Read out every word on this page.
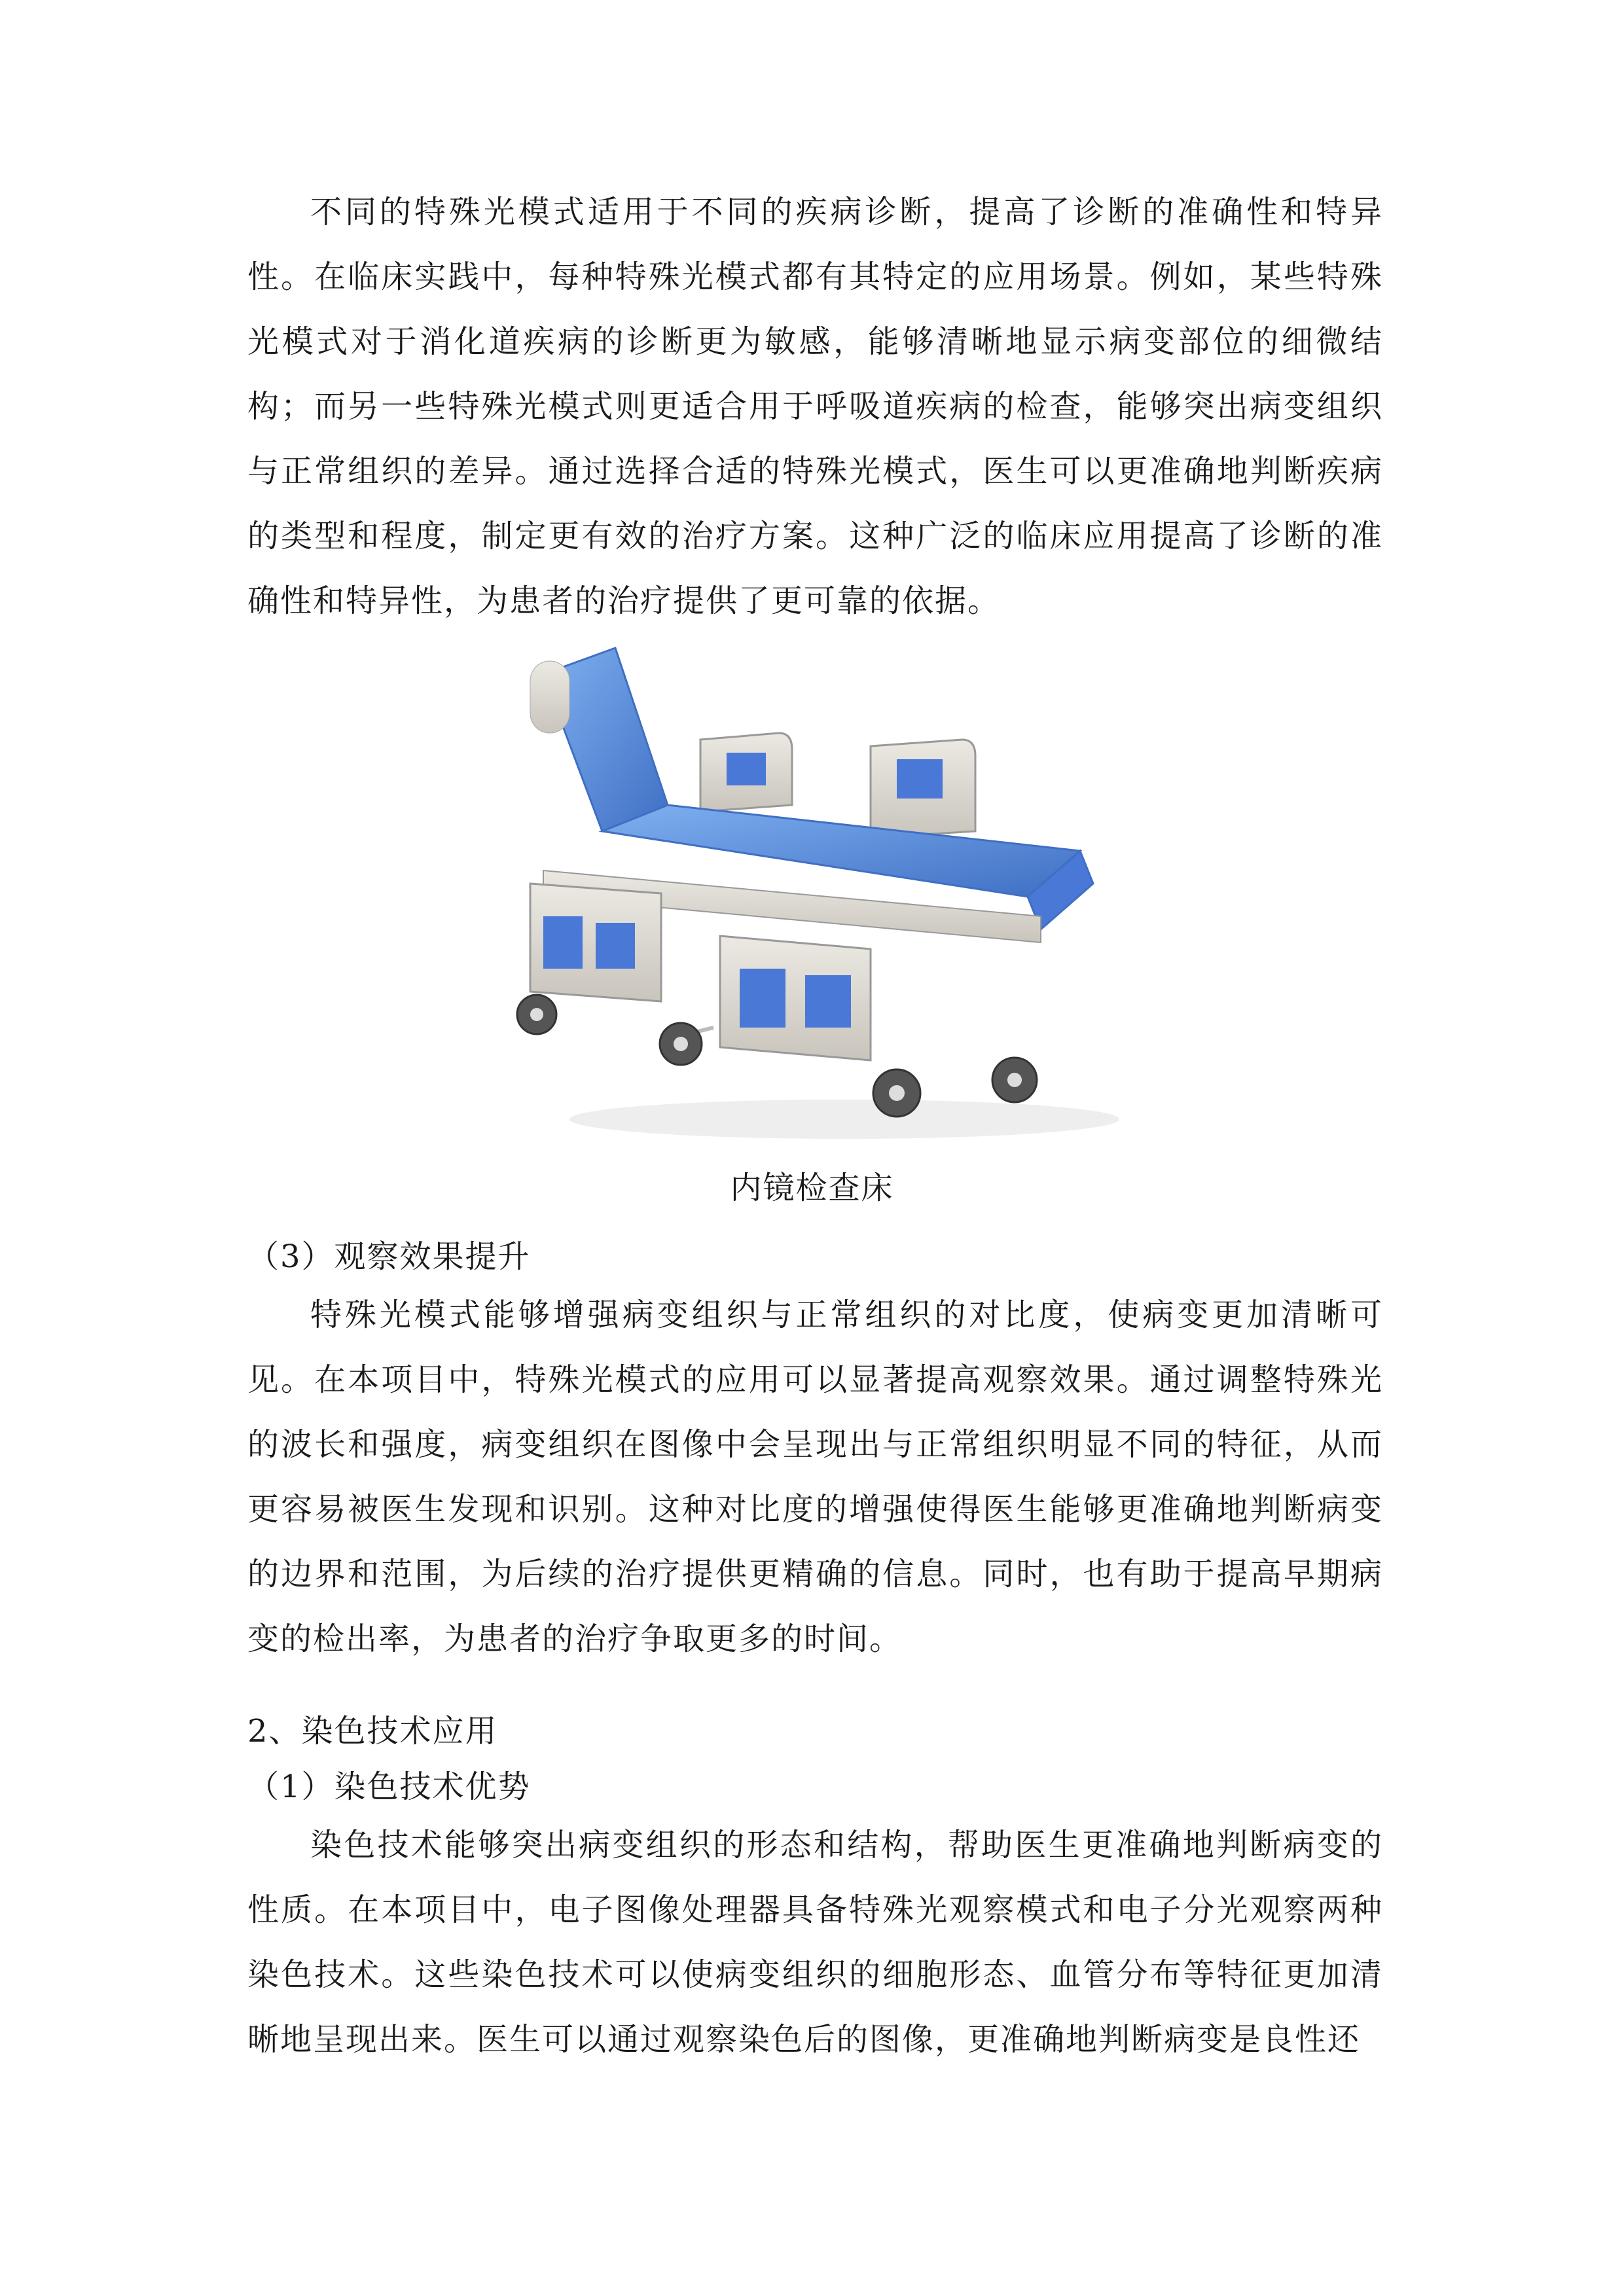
不同的特殊光模式适用于不同的疾病诊断，提高了诊断的准确性和特异性。在临床实践中，每种特殊光模式都有其特定的应用场景。例如，某些特殊光模式对于消化道疾病的诊断更为敏感，能够清晰地显示病变部位的细微结构；而另一些特殊光模式则更适合用于呼吸道疾病的检查，能够突出病变组织与正常组织的差异。通过选择合适的特殊光模式，医生可以更准确地判断疾病的类型和程度，制定更有效的治疗方案。这种广泛的临床应用提高了诊断的准确性和特异性，为患者的治疗提供了更可靠的依据。

内镜检查床
（3）观察效果提升

特殊光模式能够增强病变组织与正常组织的对比度，使病变更加清晰可见。在本项目中，特殊光模式的应用可以显著提高观察效果。通过调整特殊光的波长和强度，病变组织在图像中会呈现出与正常组织明显不同的特征，从而更容易被医生发现和识别。这种对比度的增强使得医生能够更准确地判断病变的边界和范围，为后续的治疗提供更精确的信息。同时，也有助于提高早期病变的检出率，为患者的治疗争取更多的时间。

2、染色技术应用
（1）染色技术优势

染色技术能够突出病变组织的形态和结构，帮助医生更准确地判断病变的性质。在本项目中，电子图像处理器具备特殊光观察模式和电子分光观察两种染色技术。这些染色技术可以使病变组织的细胞形态、血管分布等特征更加清晰地呈现出来。医生可以通过观察染色后的图像，更准确地判断病变是良性还
